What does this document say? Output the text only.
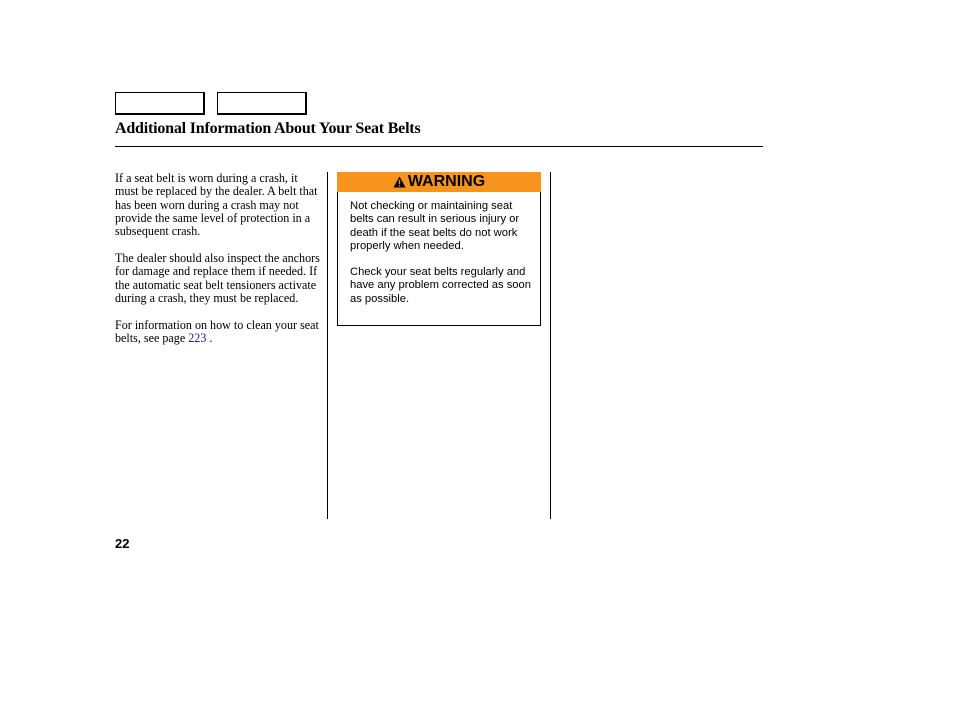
Additional Information About Your Seat Belts

If a seat belt is worn during a crash, it must be replaced by the dealer. A belt that has been worn during a crash may not provide the same level of protection in a subsequent crash.

The dealer should also inspect the anchors for damage and replace them if needed. If the automatic seat belt tensioners activate during a crash, they must be replaced.

For information on how to clean your seat belts, see page 223 .

WARNING

Not checking or maintaining seat belts can result in serious injury or death if the seat belts do not work properly when needed.

Check your seat belts regularly and have any problem corrected as soon as possible.

22
